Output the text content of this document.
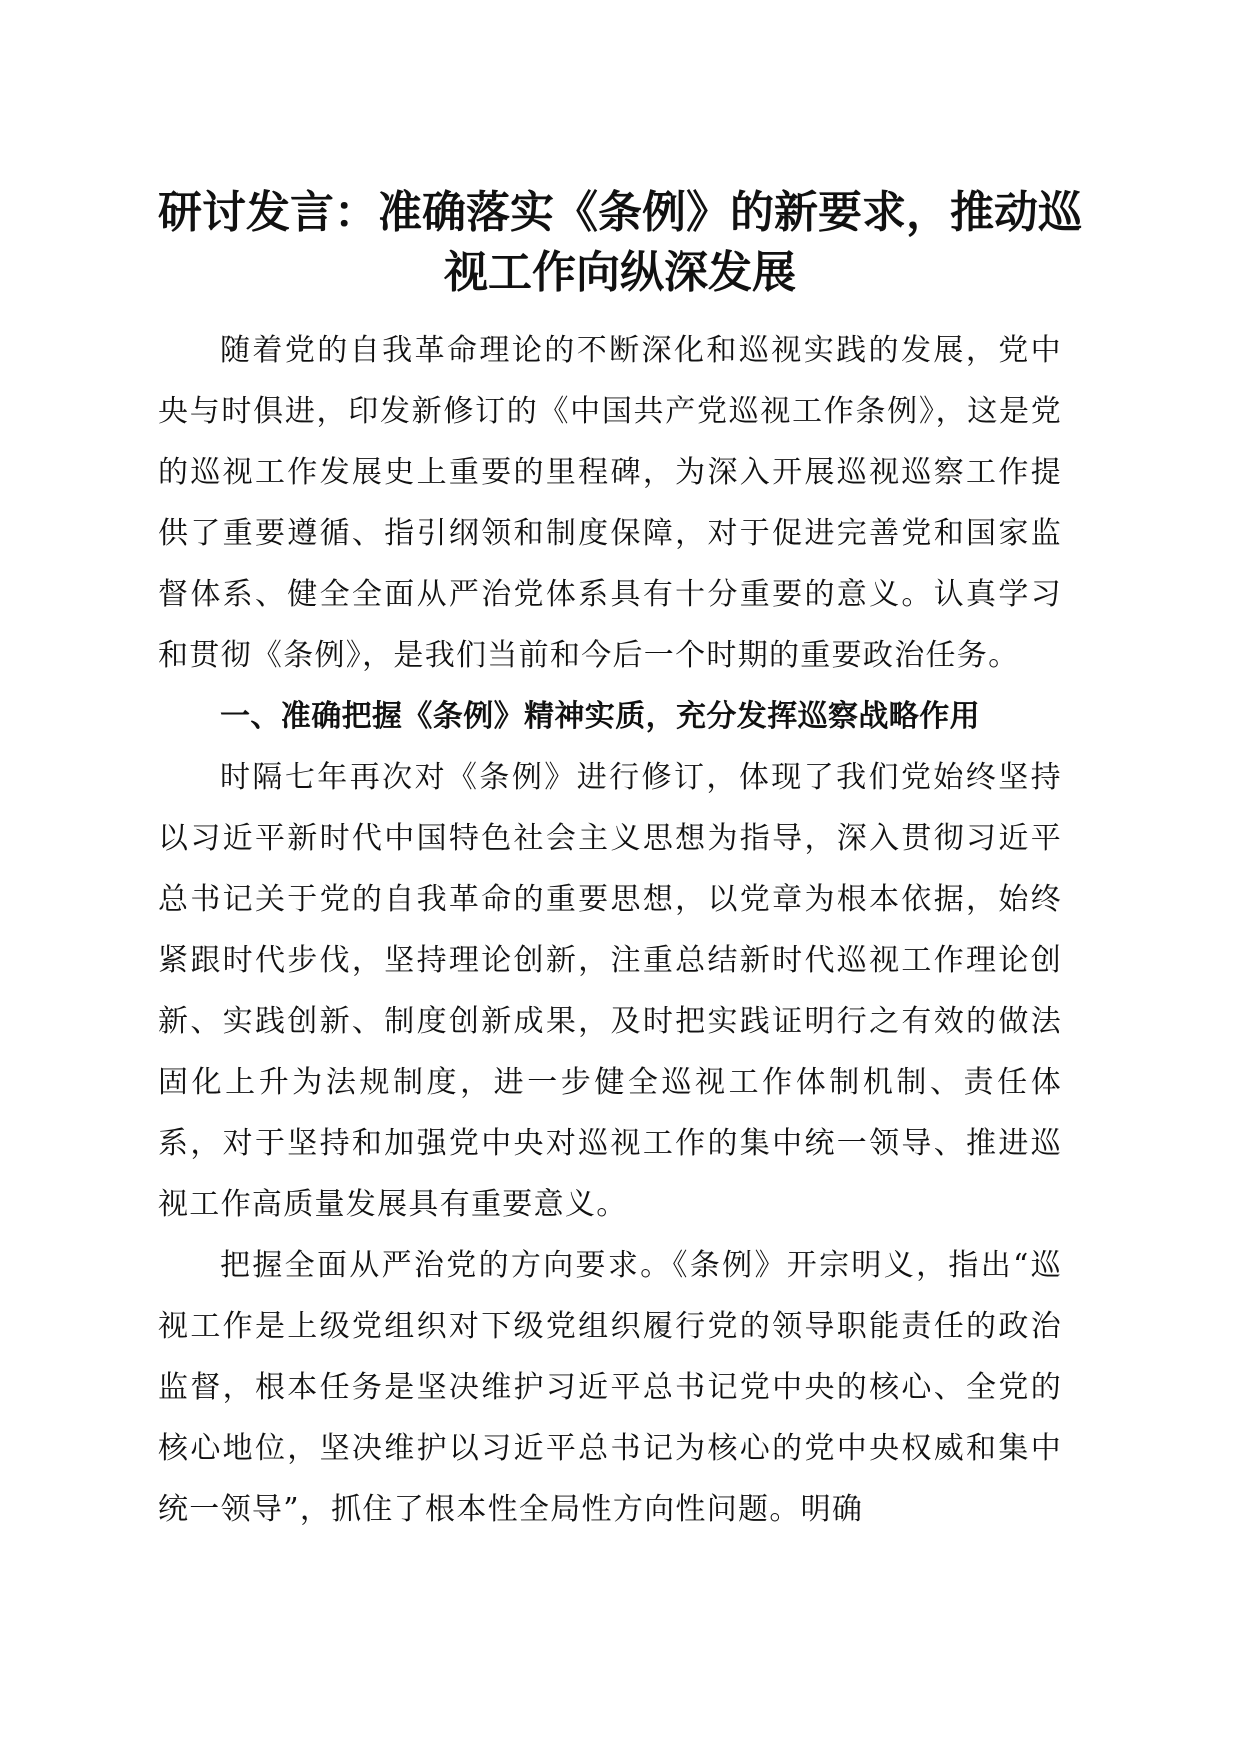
研讨发言：准确落实《条例》的新要求，推动巡视工作向纵深发展

随着党的自我革命理论的不断深化和巡视实践的发展，党中央与时俱进，印发新修订的《中国共产党巡视工作条例》，这是党的巡视工作发展史上重要的里程碑，为深入开展巡视巡察工作提供了重要遵循、指引纲领和制度保障，对于促进完善党和国家监督体系、健全全面从严治党体系具有十分重要的意义。认真学习和贯彻《条例》，是我们当前和今后一个时期的重要政治任务。

一、准确把握《条例》精神实质，充分发挥巡察战略作用

时隔七年再次对《条例》进行修订，体现了我们党始终坚持以习近平新时代中国特色社会主义思想为指导，深入贯彻习近平总书记关于党的自我革命的重要思想，以党章为根本依据，始终紧跟时代步伐，坚持理论创新，注重总结新时代巡视工作理论创新、实践创新、制度创新成果，及时把实践证明行之有效的做法固化上升为法规制度，进一步健全巡视工作体制机制、责任体系，对于坚持和加强党中央对巡视工作的集中统一领导、推进巡视工作高质量发展具有重要意义。

把握全面从严治党的方向要求。《条例》开宗明义，指出“巡视工作是上级党组织对下级党组织履行党的领导职能责任的政治监督，根本任务是坚决维护习近平总书记党中央的核心、全党的核心地位，坚决维护以习近平总书记为核心的党中央权威和集中统一领导”，抓住了根本性全局性方向性问题。明确
